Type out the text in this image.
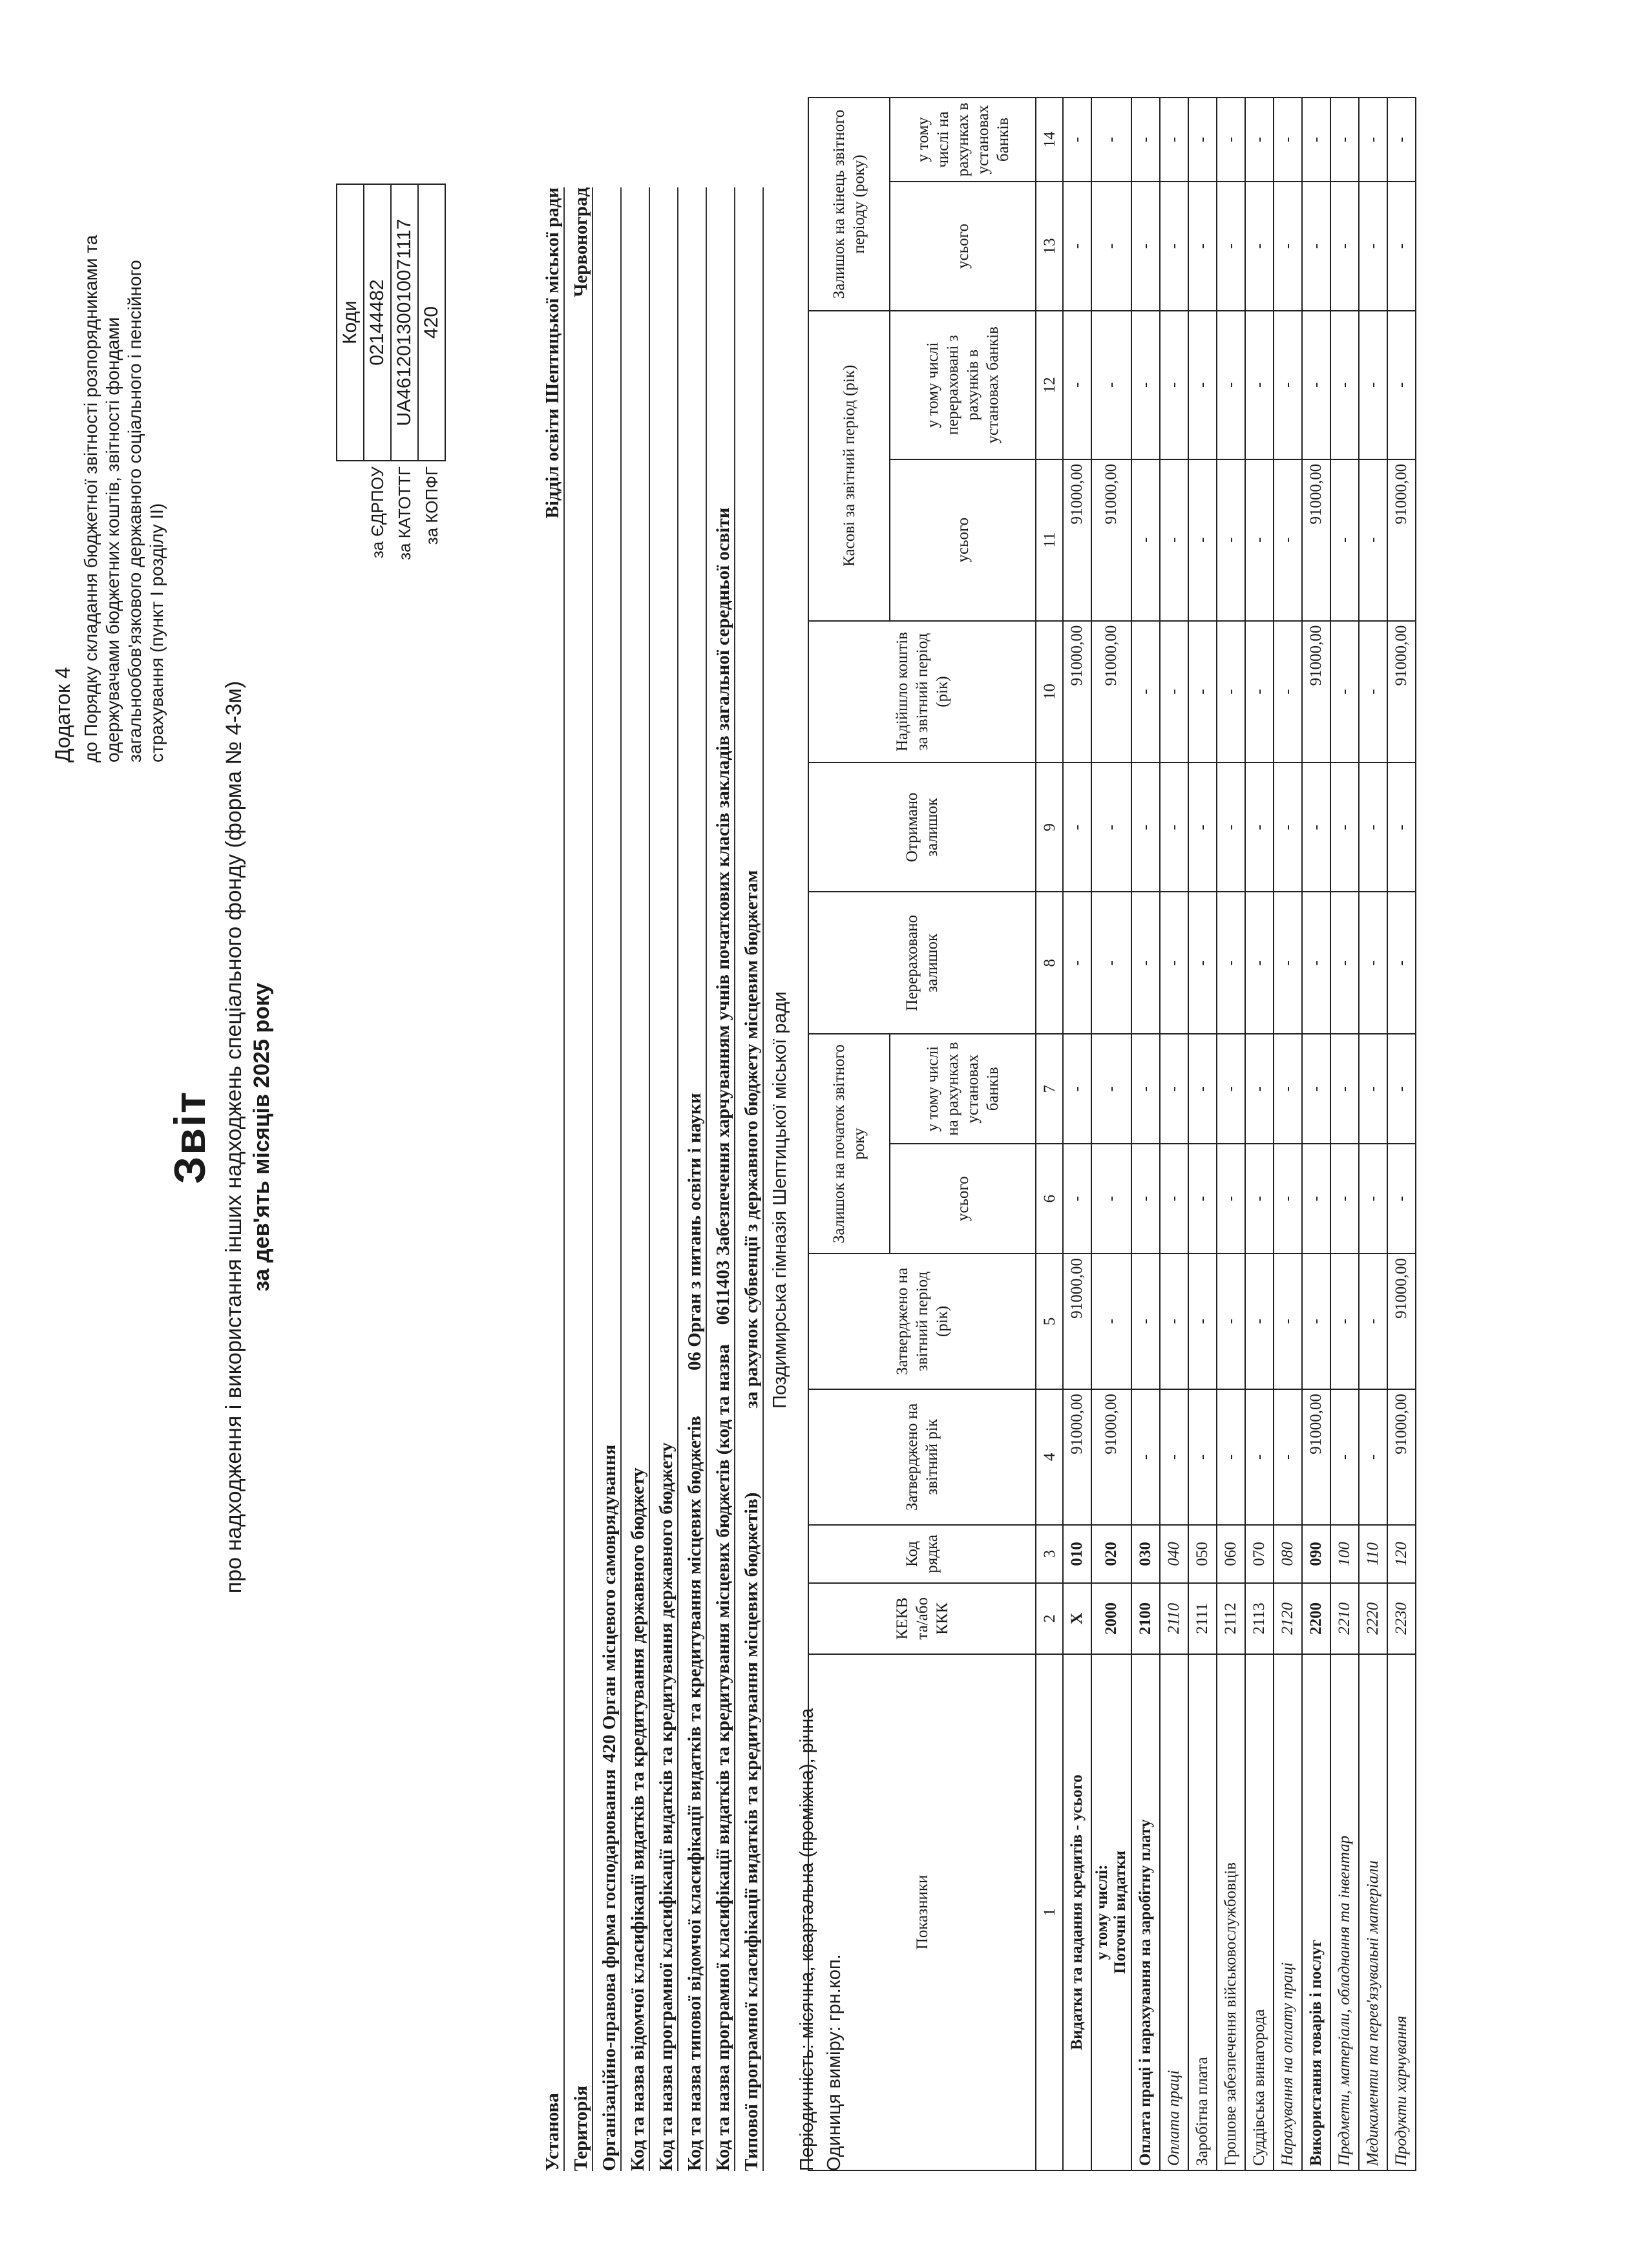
Додаток 4 до Порядку складання бюджетної звітності розпорядниками та одержувачами бюджетних коштів, звітності фондами загальнообов'язкового державного соціального і пенсійного страхування (пункт I розділу II)
Звіт про надходження і використання інших надходжень спеціального фонду (форма № 4-3м) за дев'ять місяців 2025 року
	Коди
за ЄДРПОУ	02144482
за КАТОТТГ	UA46120130010071117
за КОПФГ	420
Установа
Відділ освіти Шептицької міської ради
Територія
Червоноград
Організаційно-правова форма господарювання
420 Орган місцевого самоврядування Код та назва відомчої класифікації видатків та кредитування державного бюджету Код та назва програмної класифікації видатків та кредитування державного бюджету Код та назва типової відомчої класифікації видатків та кредитування місцевих бюджетів
06 Орган з питань освіти і науки
Код та назва програмної класифікації видатків та кредитування місцевих бюджетів (код та назва
0611403 Забезпечення харчуванням учнів початкових класів закладів загальної середньої освіти
Типової програмної класифікації видатків та кредитування місцевих бюджетів)
за рахунок субвенції з державного бюджету місцевим бюджетам Поздимирська гімназія Шептицької міської ради
Періодичність: місячна, квартальна (проміжна), річна Одиниця виміру: грн.коп.
Показники	КЕКВ та/або ККК	Код рядка	Затверджено на звітний рік	Затверджено на звітний період (рік)	Залишок на початок звітного року		Перераховано залишок	Отримано залишок	Надійшло коштів за звітний період (рік)	Касові за звітний період (рік)		Залишок на кінець звітного періоду (року)	
					усього	у тому числі на рахунках в установах банків				усього	у тому числі перераховані з рахунків в установах банків	усього	у тому числі на рахунках в установах банків
1	2	3	4	5	6	7	8	9	10	11	12	13	14

Видатки та надання кредитів - усього	X	010	91000,00	91000,00	-	-	-	-	91000,00	91000,00	-	-	-

у тому числі: Поточні видатки	2000	020	91000,00	-	-	-	-	-	91000,00	91000,00	-	-	-

Оплата праці і нарахування на заробітну плату	2100	030	-	-	-	-	-	-	-	-	-	-	-

Оплата праці	2110	040	-	-	-	-	-	-	-	-	-	-	-

Заробітна плата	2111	050	-	-	-	-	-	-	-	-	-	-	-

Грошове забезпечення військовослужбовців	2112	060	-	-	-	-	-	-	-	-	-	-	-

Суддівська винагорода	2113	070	-	-	-	-	-	-	-	-	-	-	-

Нарахування на оплату праці	2120	080	-	-	-	-	-	-	-	-	-	-	-

Використання товарів і послуг	2200	090	91000,00	-	-	-	-	-	91000,00	91000,00	-	-	-

Предмети, матеріали, обладнання та інвентар	2210	100	-	-	-	-	-	-	-	-	-	-	-

Медикаменти та перев'язувальні матеріали	2220	110	-	-	-	-	-	-	-	-	-	-	-

Продукти харчування	2230	120	91000,00	91000,00	-	-	-	-	91000,00	91000,00	-	-	-
